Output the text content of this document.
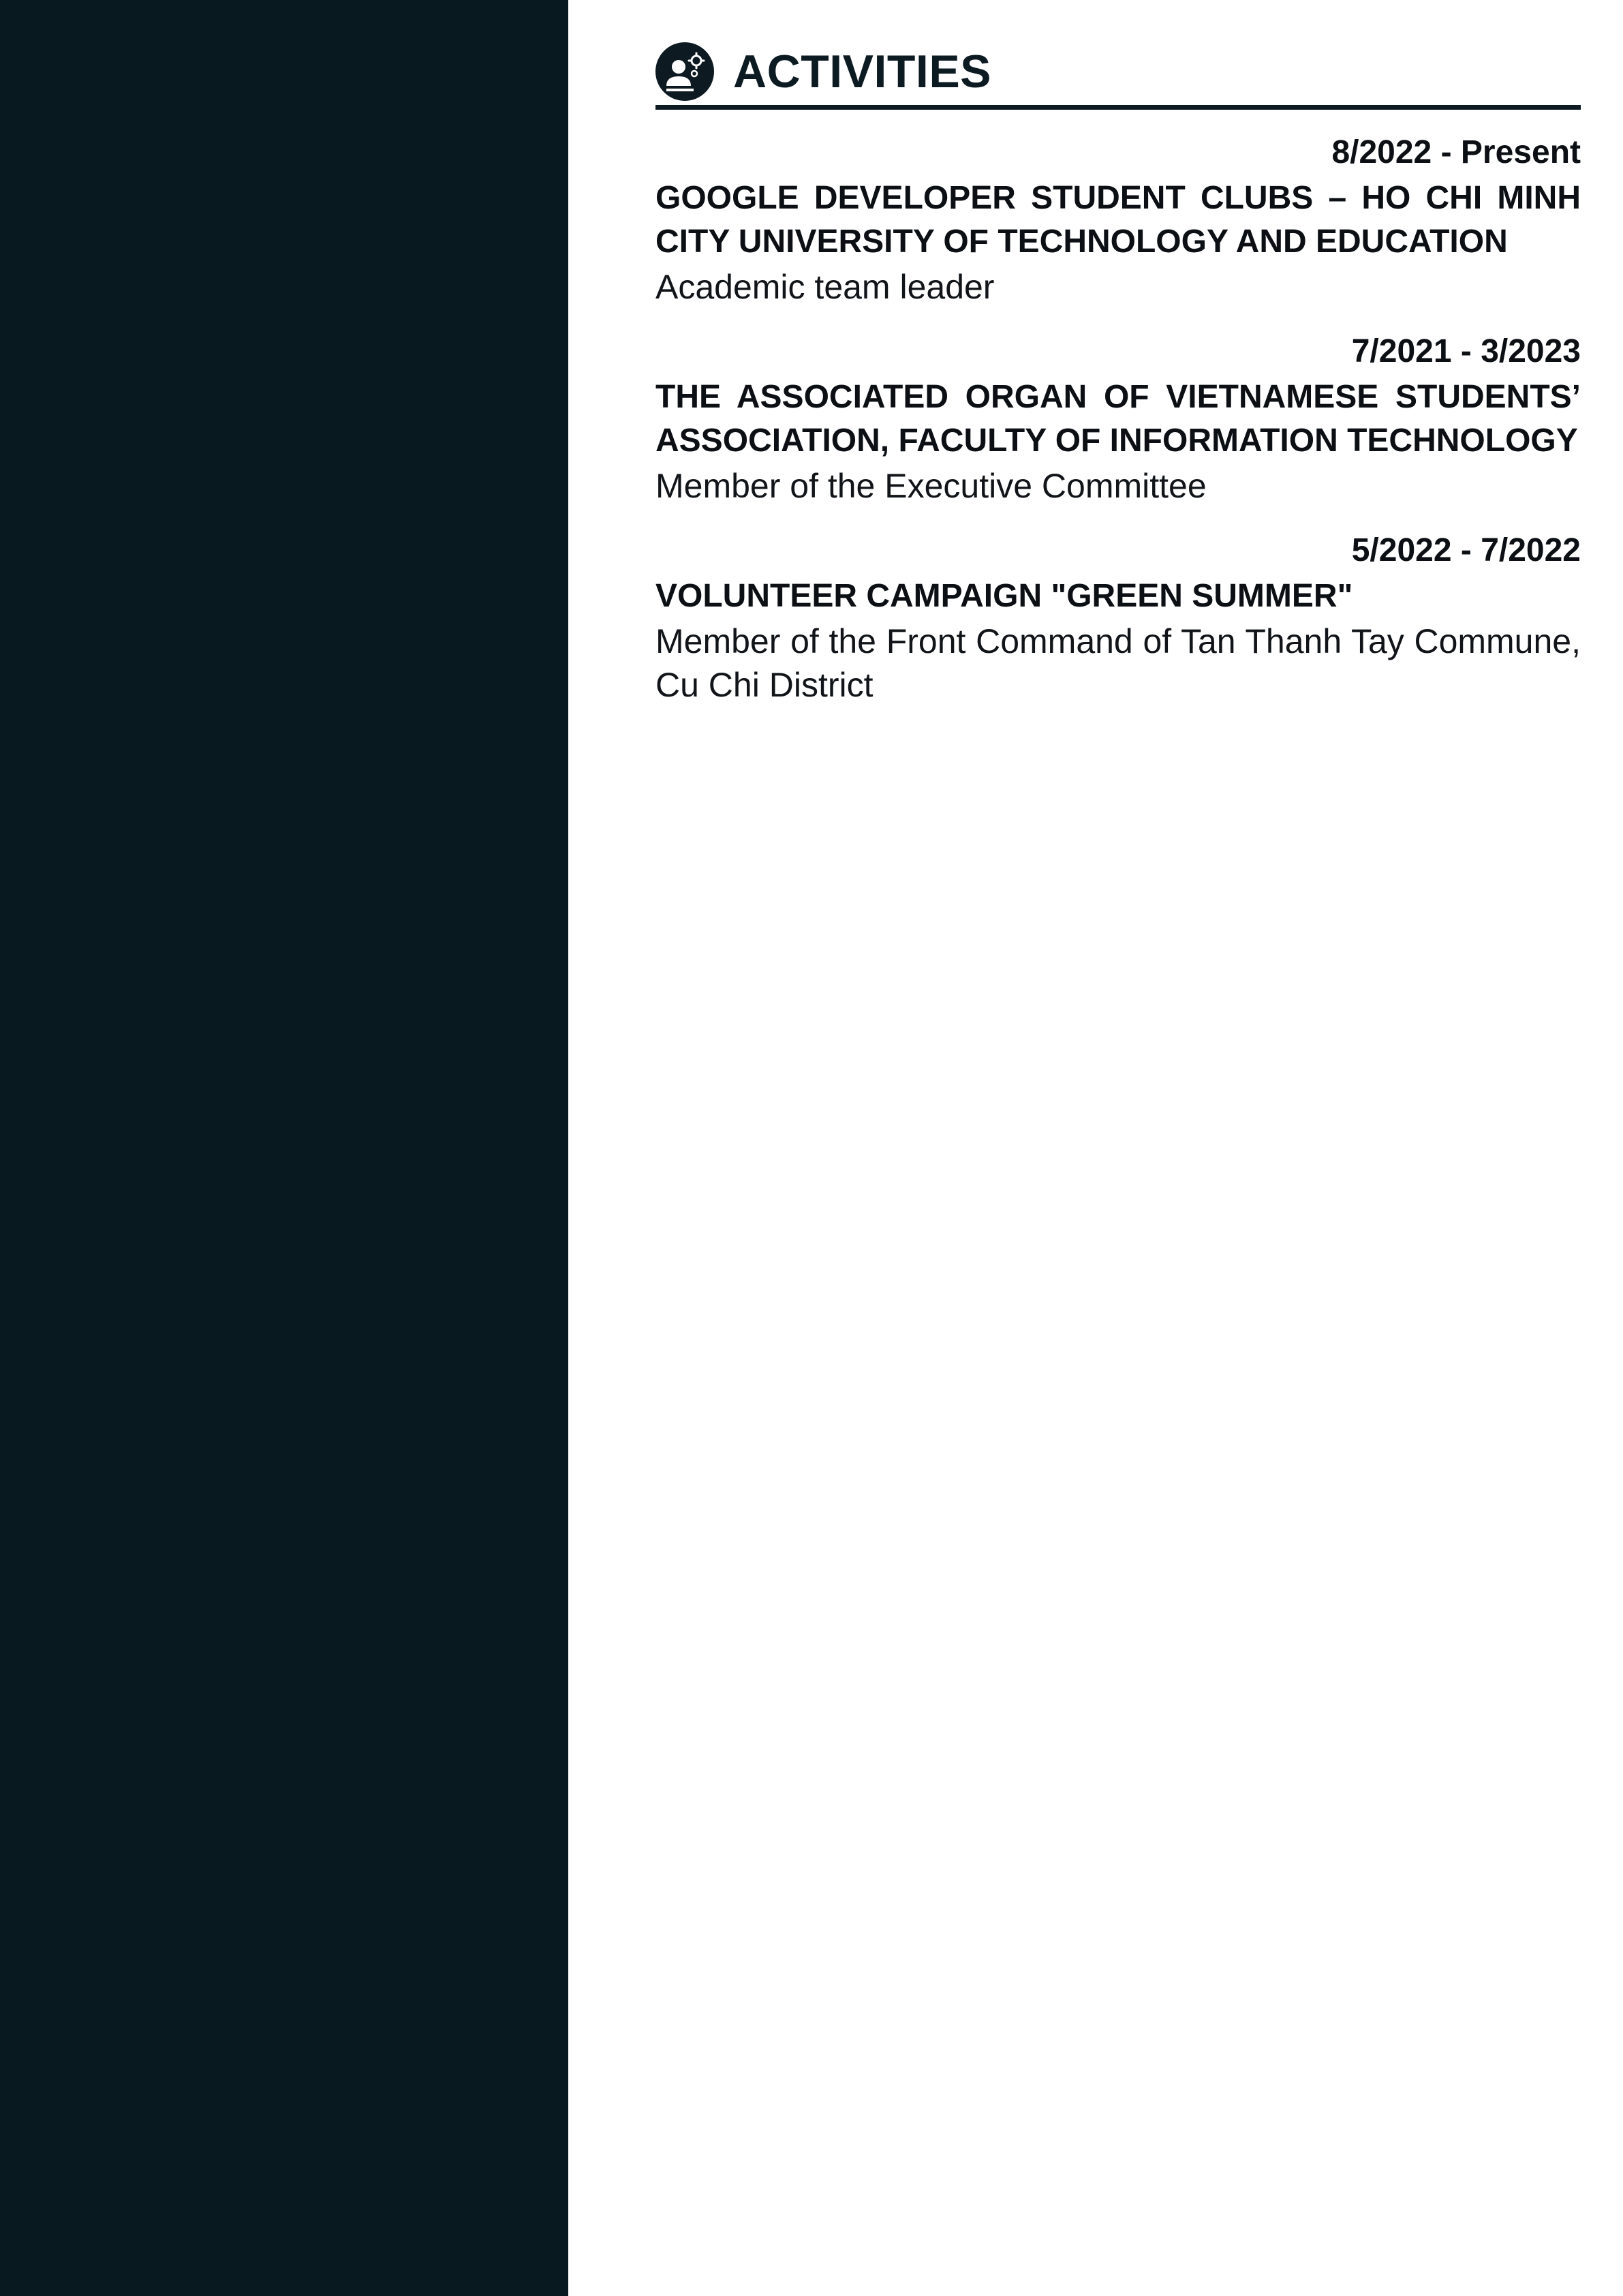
ACTIVITIES
8/2022 - Present
GOOGLE DEVELOPER STUDENT CLUBS – HO CHI MINH CITY UNIVERSITY OF TECHNOLOGY AND EDUCATION
Academic team leader
7/2021 - 3/2023
THE ASSOCIATED ORGAN OF VIETNAMESE STUDENTS’ ASSOCIATION, FACULTY OF INFORMATION TECHNOLOGY
Member of the Executive Committee
5/2022 - 7/2022
VOLUNTEER CAMPAIGN "GREEN SUMMER"
Member of the Front Command of Tan Thanh Tay Commune, Cu Chi District
